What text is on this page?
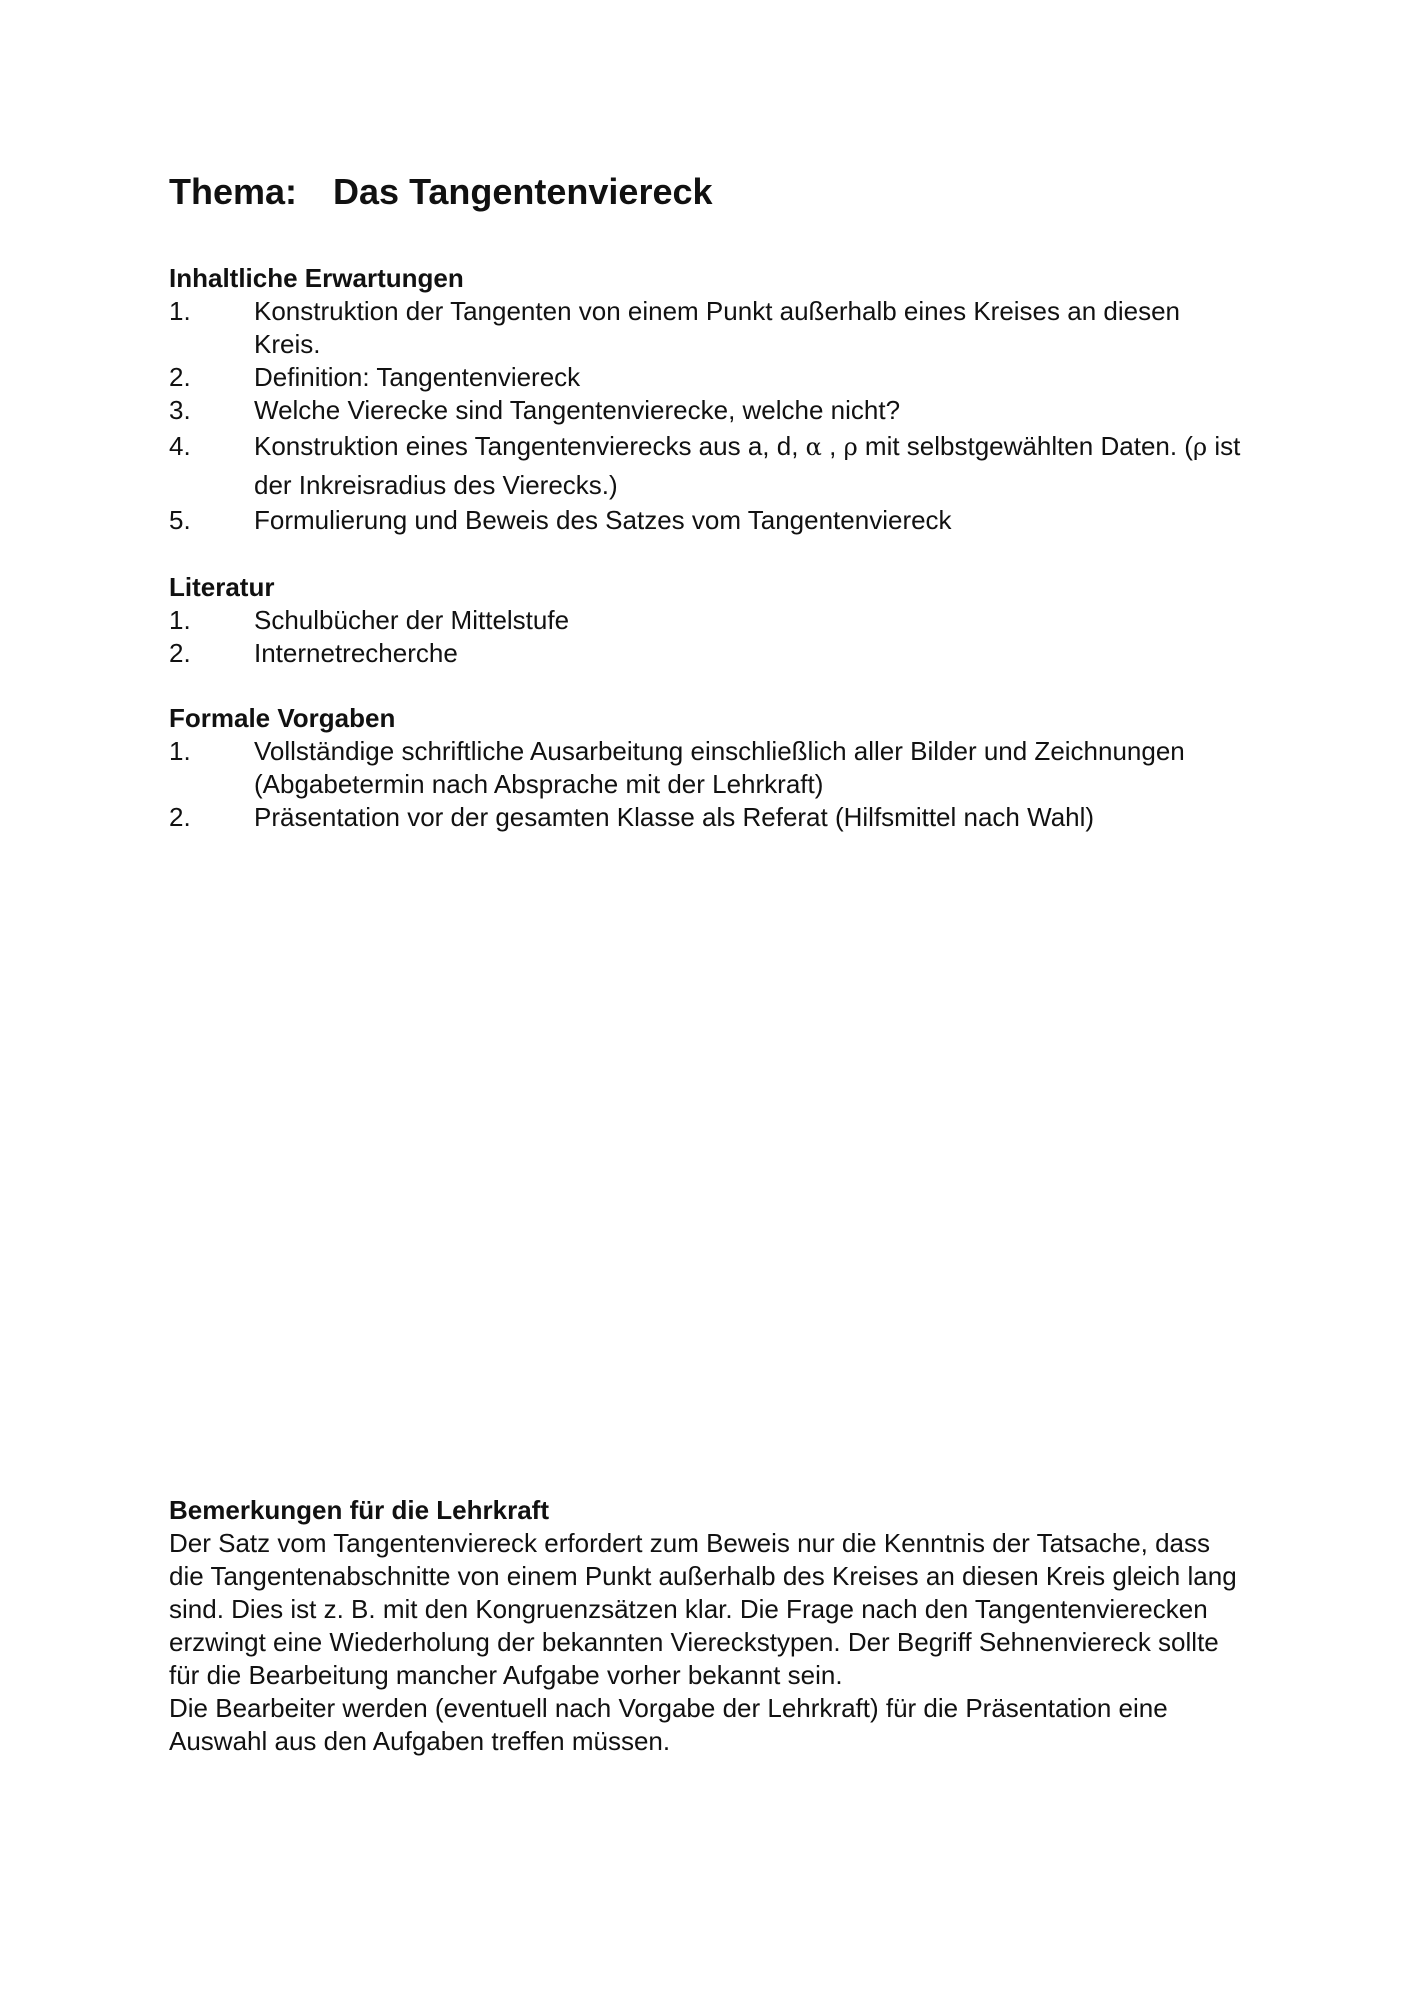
Thema: Das Tangentenviereck
Inhaltliche Erwartungen
1.	Konstruktion der Tangenten von einem Punkt außerhalb eines Kreises an diesen Kreis.
2.	Definition: Tangentenviereck
3.	Welche Vierecke sind Tangentenvierecke, welche nicht?
4.	Konstruktion eines Tangentenvierecks aus a, d, α , ρ mit selbstgewählten Daten. (ρ ist der Inkreisradius des Vierecks.)
5.	Formulierung und Beweis des Satzes vom Tangentenviereck
Literatur
1.	Schulbücher der Mittelstufe
2.	Internetrecherche
Formale Vorgaben
1.	Vollständige schriftliche Ausarbeitung einschließlich aller Bilder und Zeichnungen (Abgabetermin nach Absprache mit der Lehrkraft)
2.	Präsentation vor der gesamten Klasse als Referat (Hilfsmittel nach Wahl)
Bemerkungen für die Lehrkraft

Der Satz vom Tangentenviereck erfordert zum Beweis nur die Kenntnis der Tatsache, dass die Tangentenabschnitte von einem Punkt außerhalb des Kreises an diesen Kreis gleich lang sind. Dies ist z. B. mit den Kongruenzsätzen klar. Die Frage nach den Tangentenvierecken erzwingt eine Wiederholung der bekannten Viereckstypen. Der Begriff Sehnenviereck sollte für die Bearbeitung mancher Aufgabe vorher bekannt sein.

Die Bearbeiter werden (eventuell nach Vorgabe der Lehrkraft) für die Präsentation eine Auswahl aus den Aufgaben treffen müssen.
